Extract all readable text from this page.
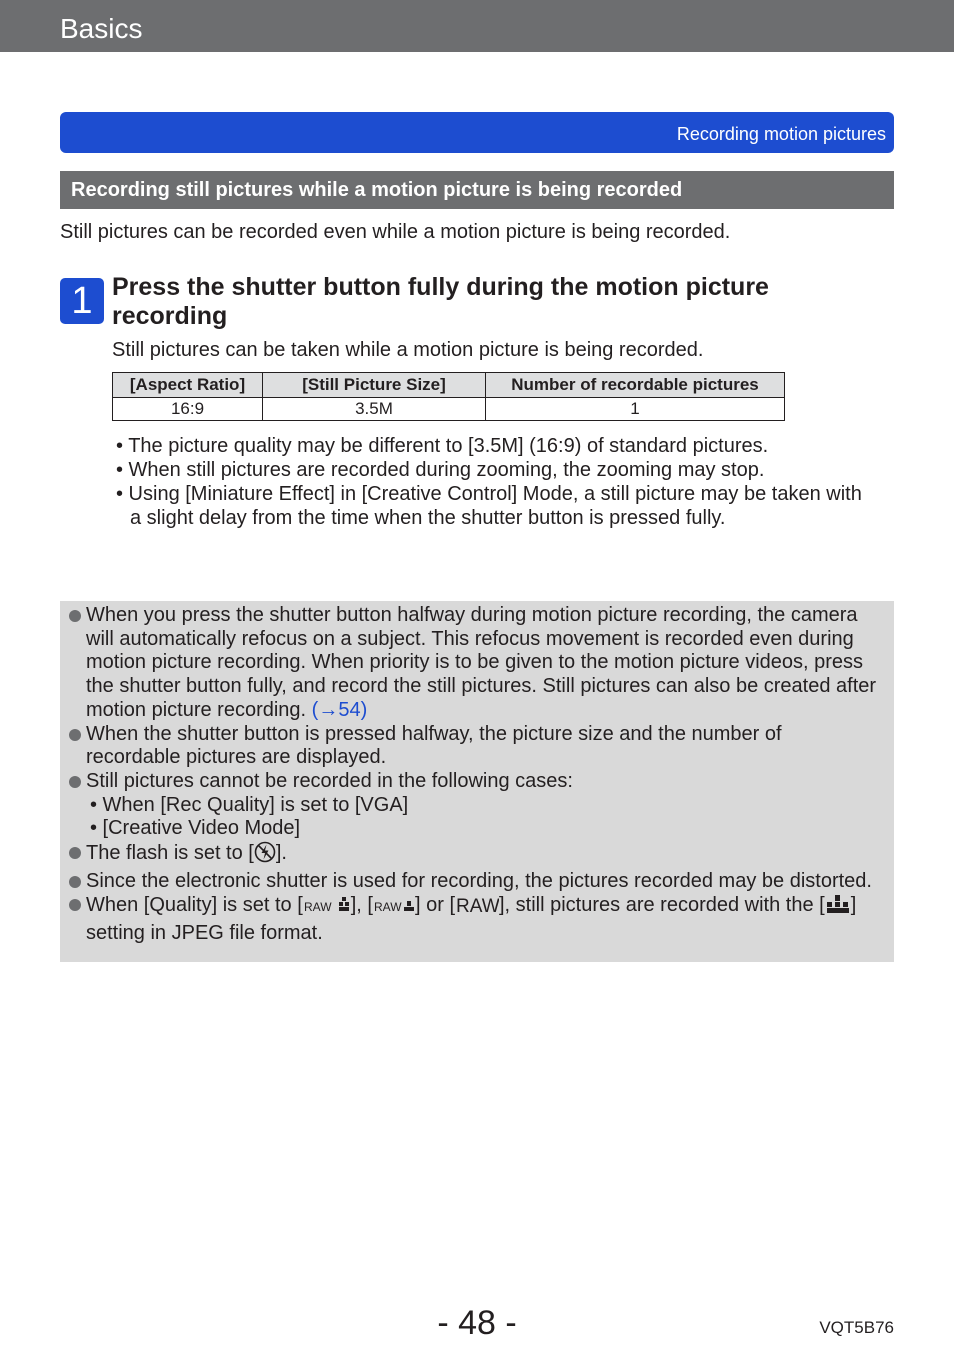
Basics
Recording motion pictures
Recording still pictures while a motion picture is being recorded
Still pictures can be recorded even while a motion picture is being recorded.
1 Press the shutter button fully during the motion picture recording
Still pictures can be taken while a motion picture is being recorded.
[Aspect Ratio]	[Still Picture Size]	Number of recordable pictures
16:9	3.5M	1
• The picture quality may be different to [3.5M] (16:9) of standard pictures.
• When still pictures are recorded during zooming, the zooming may stop.
• Using [Miniature Effect] in [Creative Control] Mode, a still picture may be taken with a slight delay from the time when the shutter button is pressed fully.
When you press the shutter button halfway during motion picture recording, the camera will automatically refocus on a subject. This refocus movement is recorded even during motion picture recording. When priority is to be given to the motion picture videos, press the shutter button fully, and record the still pictures. Still pictures can also be created after motion picture recording. (→54)
When the shutter button is pressed halfway, the picture size and the number of recordable pictures are displayed.
Still pictures cannot be recorded in the following cases:
• When [Rec Quality] is set to [VGA]
• [Creative Video Mode]
The flash is set to [ ].
Since the electronic shutter is used for recording, the pictures recorded may be distorted.
When [Quality] is set to [ RAW ], [ RAW ] or [ RAW ], still pictures are recorded with the [ ] setting in JPEG file format.
- 48 -	VQT5B76
